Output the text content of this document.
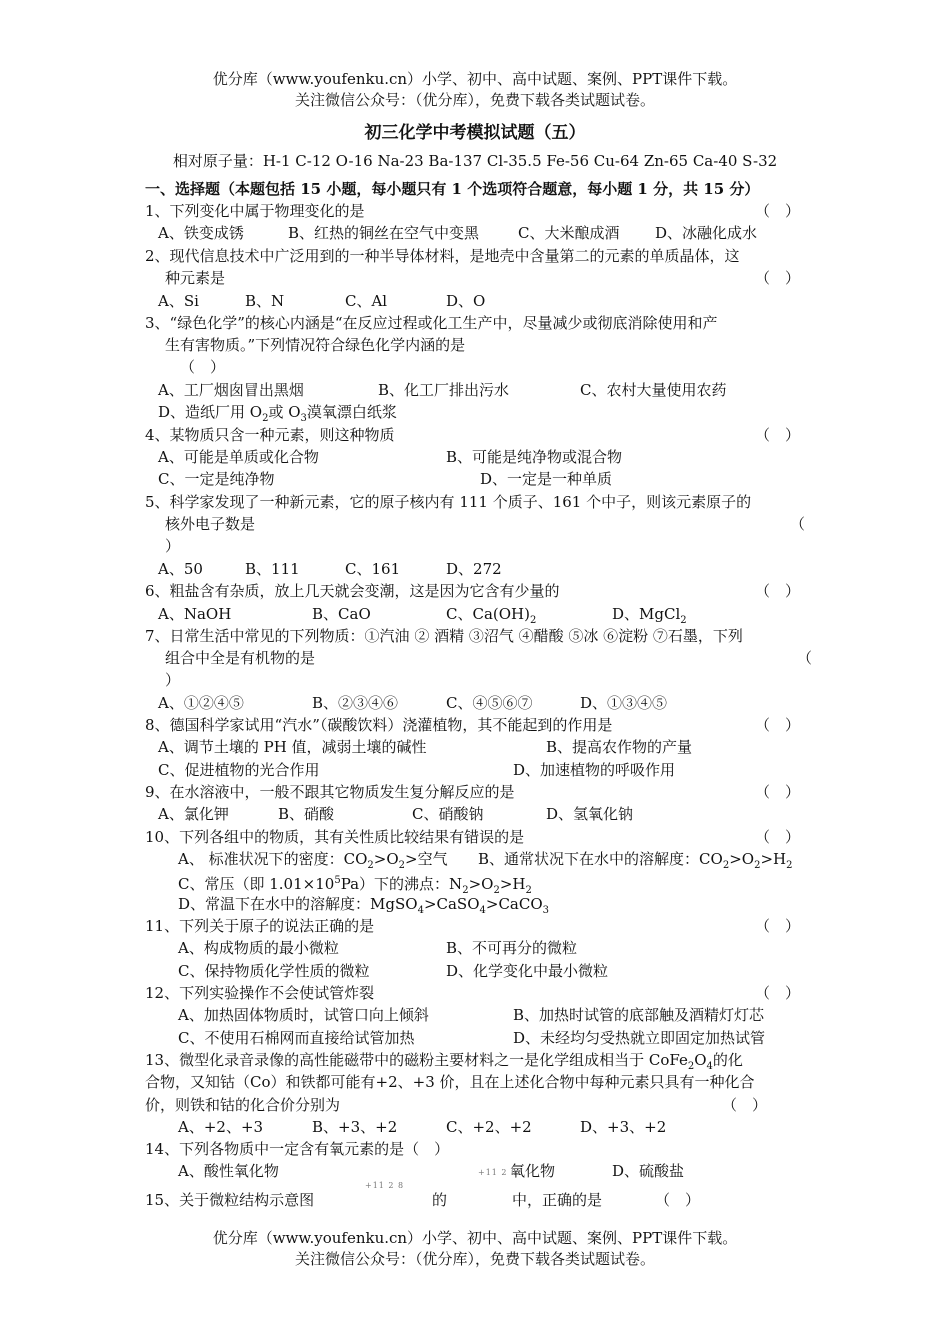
优分库（www.youfenku.cn）小学、初中、高中试题、案例、PPT课件下载。
关注微信公众号：（优分库），免费下载各类试题试卷。
初三化学中考模拟试题（五）
相对原子量：H-1 C-12 O-16 Na-23 Ba-137 Cl-35.5 Fe-56 Cu-64 Zn-65 Ca-40 S-32
一、选择题（本题包括 15 小题，每小题只有 1 个选项符合题意，每小题 1 分，共 15 分）
1、下列变化中属于物理变化的是	（　）
A、铁变成锈	B、红热的铜丝在空气中变黑	C、大米酿成酒 D、冰融化成水
2、现代信息技术中广泛用到的一种半导体材料，是地壳中含量第二的元素的单质晶体，这
种元素是	（　）
A、Si	B、N	C、Al	D、O
3、“绿色化学”的核心内涵是“在反应过程或化工生产中，尽量减少或彻底消除使用和产
生有害物质。”下列情况符合绿色化学内涵的是
（　）
A、工厂烟囱冒出黑烟	B、化工厂排出污水	C、农村大量使用农药
D、造纸厂用 $O_2$或 $O_3$漠氧漂白纸浆
4、某物质只含一种元素，则这种物质	（　）
A、可能是单质或化合物	B、可能是纯净物或混合物
C、一定是纯净物	D、一定是一种单质
5、科学家发现了一种新元素，它的原子核内有 111 个质子、161 个中子，则该元素原子的
核外电子数是	（
）
A、50	B、111	C、161	D、272
6、粗盐含有杂质，放上几天就会变潮，这是因为它含有少量的	（　）
A、NaOH	B、CaO	C、$Ca(OH)_2$	D、MgCl$_2$
7、日常生活中常见的下列物质：①汽油 ② 酒精 ③沼气 ④醋酸 ⑤冰 ⑥淀粉 ⑦石墨，下列
组合中全是有机物的是	（
）
A、①②④⑤	B、②③④⑥	C、④⑤⑥⑦	D、①③④⑤
8、德国科学家试用“汽水”（碳酸饮料）浇灌植物，其不能起到的作用是	（　）
A、调节土壤的 PH 值，减弱土壤的碱性	B、提高农作物的产量
C、促进植物的光合作用	D、加速植物的呼吸作用
9、在水溶液中，一般不跟其它物质发生复分解反应的是	（　）
A、氯化钾	B、硝酸	C、硝酸钠	D、氢氧化钠
10、下列各组中的物质，其有关性质比较结果有错误的是	（　）
A、 标准状况下的密度：$CO_2>O_2>$空气 B、通常状况下在水中的溶解度：$CO_2>O_2>H_2$
C、常压（即 $1.01\times 10^5Pa$）下的沸点：$N_2>O_2>H_2$
D、常温下在水中的溶解度：MgSO$_4$>CaSO$_4$>CaCO$_3$
11、下列关于原子的说法正确的是	（　）
A、构成物质的最小微粒	B、不可再分的微粒
C、保持物质化学性质的微粒	D、化学变化中最小微粒
12、下列实验操作不会使试管炸裂	（　）
A、加热固体物质时，试管口向上倾斜	B、加热时试管的底部触及酒精灯灯芯
C、不使用石棉网而直接给试管加热	D、未经均匀受热就立即固定加热试管
13、微型化录音录像的高性能磁带中的磁粉主要材料之一是化学组成相当于 $CoFe_2O_4$的化
合物，又知钴（Co）和铁都可能有+2、+3 价，且在上述化合物中每种元素只具有一种化合
价，则铁和钴的化合价分别为	（　）
A、+2、+3	B、+3、+2	C、+2、+2	D、+3、+2
14、下列各物质中一定含有氧元素的是（　）
A、酸性氧化物	氧化物	D、硫酸盐
+11 2 8
+11 2 8
15、关于微粒结构示意图	的	中，正确的是	（　）
优分库（www.youfenku.cn）小学、初中、高中试题、案例、PPT课件下载。
关注微信公众号：（优分库），免费下载各类试题试卷。
